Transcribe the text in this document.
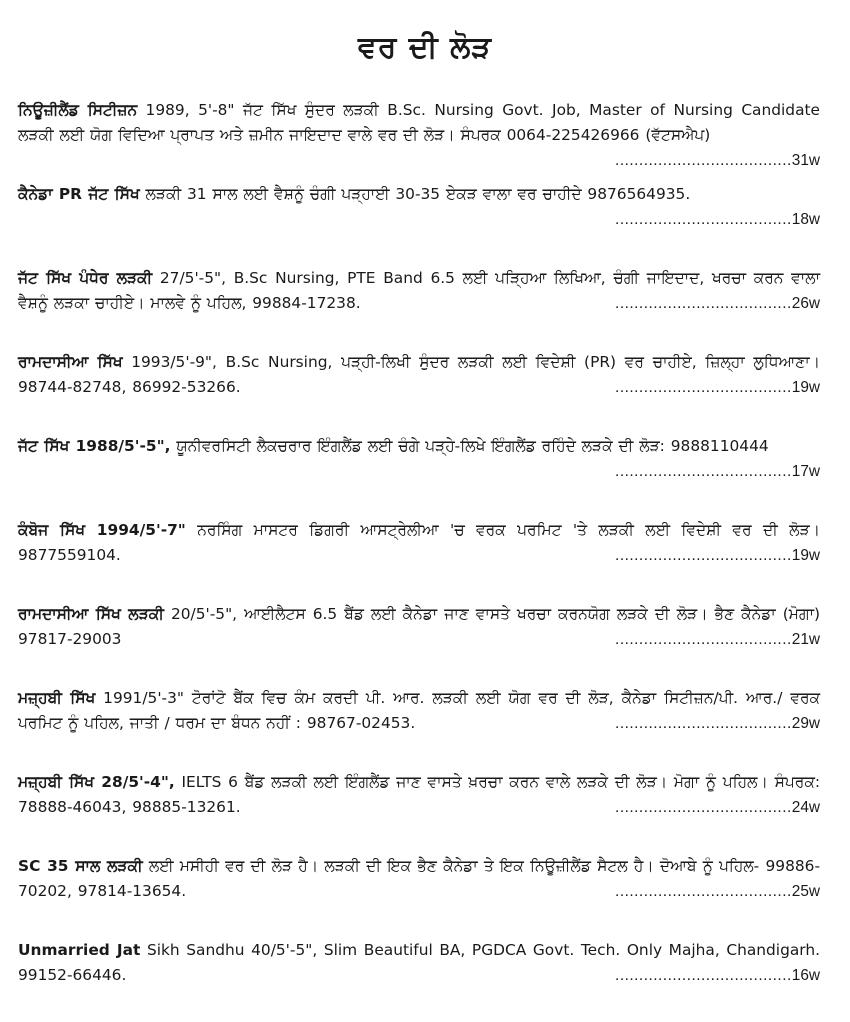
ਵਰ ਦੀ ਲੋੜ

ਨਿਊਜ਼ੀਲੈਂਡ ਸਿਟੀਜ਼ਨ 1989, 5'-8" ਜੱਟ ਸਿੱਖ ਸੁੰਦਰ ਲੜਕੀ B.Sc. Nursing Govt. Job, Master of Nursing Candidate ਲੜਕੀ ਲਈ ਯੋਗ ਵਿਦਿਆ ਪ੍ਰਾਪਤ ਅਤੇ ਜ਼ਮੀਨ ਜਾਇਦਾਦ ਵਾਲੇ ਵਰ ਦੀ ਲੋੜ। ਸੰਪਰਕ 0064-225426966 (ਵੱਟਸਐਪ)

.....................................31w

ਕੈਨੇਡਾ PR ਜੱਟ ਸਿੱਖ ਲੜਕੀ 31 ਸਾਲ ਲਈ ਵੈਸ਼ਨੂੰ ਚੰਗੀ ਪੜ੍ਹਾਈ 30-35 ਏਕੜ ਵਾਲਾ ਵਰ ਚਾਹੀਦੇ 9876564935.

.....................................18w

ਜੱਟ ਸਿੱਖ ਪੰਧੇਰ ਲੜਕੀ 27/5'-5", B.Sc Nursing, PTE Band 6.5 ਲਈ ਪੜ੍ਹਿਆ ਲਿਖਿਆ, ਚੰਗੀ ਜਾਇਦਾਦ, ਖਰਚਾ ਕਰਨ ਵਾਲਾ ਵੈਸ਼ਨੂੰ ਲੜਕਾ ਚਾਹੀਏ। ਮਾਲਵੇ ਨੂੰ ਪਹਿਲ, 99884-17238.	.....................................26w

ਰਾਮਦਾਸੀਆ ਸਿੱਖ 1993/5'-9", B.Sc Nursing, ਪੜ੍ਹੀ-ਲਿਖੀ ਸੁੰਦਰ ਲੜਕੀ ਲਈ ਵਿਦੇਸ਼ੀ (PR) ਵਰ ਚਾਹੀਏ, ਜ਼ਿਲ੍ਹਾ ਲੁਧਿਆਣਾ। 98744-82748, 86992-53266.	.....................................19w

ਜੱਟ ਸਿੱਖ 1988/5'-5", ਯੂਨੀਵਰਸਿਟੀ ਲੈਕਚਰਾਰ ਇੰਗਲੈਂਡ ਲਈ ਚੰਗੇ ਪੜ੍ਹੇ-ਲਿਖੇ ਇੰਗਲੈਂਡ ਰਹਿੰਦੇ ਲੜਕੇ ਦੀ ਲੋੜ: 9888110444

.....................................17w

ਕੰਬੋਜ ਸਿੱਖ 1994/5'-7" ਨਰਸਿੰਗ ਮਾਸਟਰ ਡਿਗਰੀ ਆਸਟ੍ਰੇਲੀਆ 'ਚ ਵਰਕ ਪਰਮਿਟ 'ਤੇ ਲੜਕੀ ਲਈ ਵਿਦੇਸ਼ੀ ਵਰ ਦੀ ਲੋੜ। 9877559104.	.....................................19w

ਰਾਮਦਾਸੀਆ ਸਿੱਖ ਲੜਕੀ 20/5'-5", ਆਈਲੈਟਸ 6.5 ਬੈਂਡ ਲਈ ਕੈਨੇਡਾ ਜਾਣ ਵਾਸਤੇ ਖਰਚਾ ਕਰਨਯੋਗ ਲੜਕੇ ਦੀ ਲੋੜ। ਭੈਣ ਕੈਨੇਡਾ (ਮੋਗਾ) 97817-29003	.....................................21w

ਮਜ਼੍ਹਬੀ ਸਿੱਖ 1991/5'-3" ਟੋਰਾਂਟੋ ਬੈਂਕ ਵਿਚ ਕੰਮ ਕਰਦੀ ਪੀ. ਆਰ. ਲੜਕੀ ਲਈ ਯੋਗ ਵਰ ਦੀ ਲੋੜ, ਕੈਨੇਡਾ ਸਿਟੀਜ਼ਨ/ਪੀ. ਆਰ./ ਵਰਕ ਪਰਮਿਟ ਨੂੰ ਪਹਿਲ, ਜਾਤੀ / ਧਰਮ ਦਾ ਬੰਧਨ ਨਹੀਂ : 98767-02453.	.....................................29w

ਮਜ਼੍ਹਬੀ ਸਿੱਖ 28/5'-4", IELTS 6 ਬੈਂਡ ਲੜਕੀ ਲਈ ਇੰਗਲੈਂਡ ਜਾਣ ਵਾਸਤੇ ਖ਼ਰਚਾ ਕਰਨ ਵਾਲੇ ਲੜਕੇ ਦੀ ਲੋੜ। ਮੋਗਾ ਨੂੰ ਪਹਿਲ। ਸੰਪਰਕ: 78888-46043, 98885-13261.	.....................................24w

SC 35 ਸਾਲ ਲੜਕੀ ਲਈ ਮਸੀਹੀ ਵਰ ਦੀ ਲੋੜ ਹੈ। ਲੜਕੀ ਦੀ ਇਕ ਭੈਣ ਕੈਨੇਡਾ ਤੇ ਇਕ ਨਿਊਜ਼ੀਲੈਂਡ ਸੈਟਲ ਹੈ। ਦੋਆਬੇ ਨੂੰ ਪਹਿਲ- 99886-70202, 97814-13654.	.....................................25w

Unmarried Jat Sikh Sandhu 40/5'-5", Slim Beautiful BA, PGDCA Govt. Tech. Only Majha, Chandigarh. 99152-66446.	.....................................16w
